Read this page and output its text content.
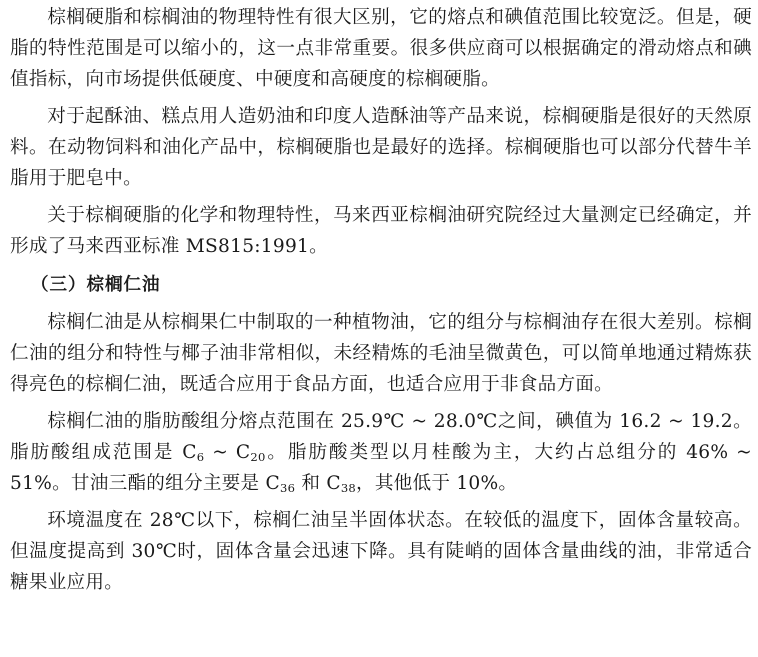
棕榈硬脂和棕榈油的物理特性有很大区别，它的熔点和碘值范围比较宽泛。但是，硬脂的特性范围是可以缩小的，这一点非常重要。很多供应商可以根据确定的滑动熔点和碘值指标，向市场提供低硬度、中硬度和高硬度的棕榈硬脂。

对于起酥油、糕点用人造奶油和印度人造酥油等产品来说，棕榈硬脂是很好的天然原料。在动物饲料和油化产品中，棕榈硬脂也是最好的选择。棕榈硬脂也可以部分代替牛羊脂用于肥皂中。

关于棕榈硬脂的化学和物理特性，马来西亚棕榈油研究院经过大量测定已经确定，并形成了马来西亚标准 MS815:1991。

（三）棕榈仁油

棕榈仁油是从棕榈果仁中制取的一种植物油，它的组分与棕榈油存在很大差别。棕榈仁油的组分和特性与椰子油非常相似，未经精炼的毛油呈微黄色，可以简单地通过精炼获得亮色的棕榈仁油，既适合应用于食品方面，也适合应用于非食品方面。

棕榈仁油的脂肪酸组分熔点范围在 25.9℃ ~ 28.0℃之间，碘值为 16.2 ~ 19.2。脂肪酸组成范围是 $C_6$ ~ $C_{20}$。脂肪酸类型以月桂酸为主，大约占总组分的 46% ~ 51%。甘油三酯的组分主要是 $C_{36}$ 和 $C_{38}$，其他低于 10%。

环境温度在 28℃以下，棕榈仁油呈半固体状态。在较低的温度下，固体含量较高。但温度提高到 30℃时，固体含量会迅速下降。具有陡峭的固体含量曲线的油，非常适合糖果业应用。
